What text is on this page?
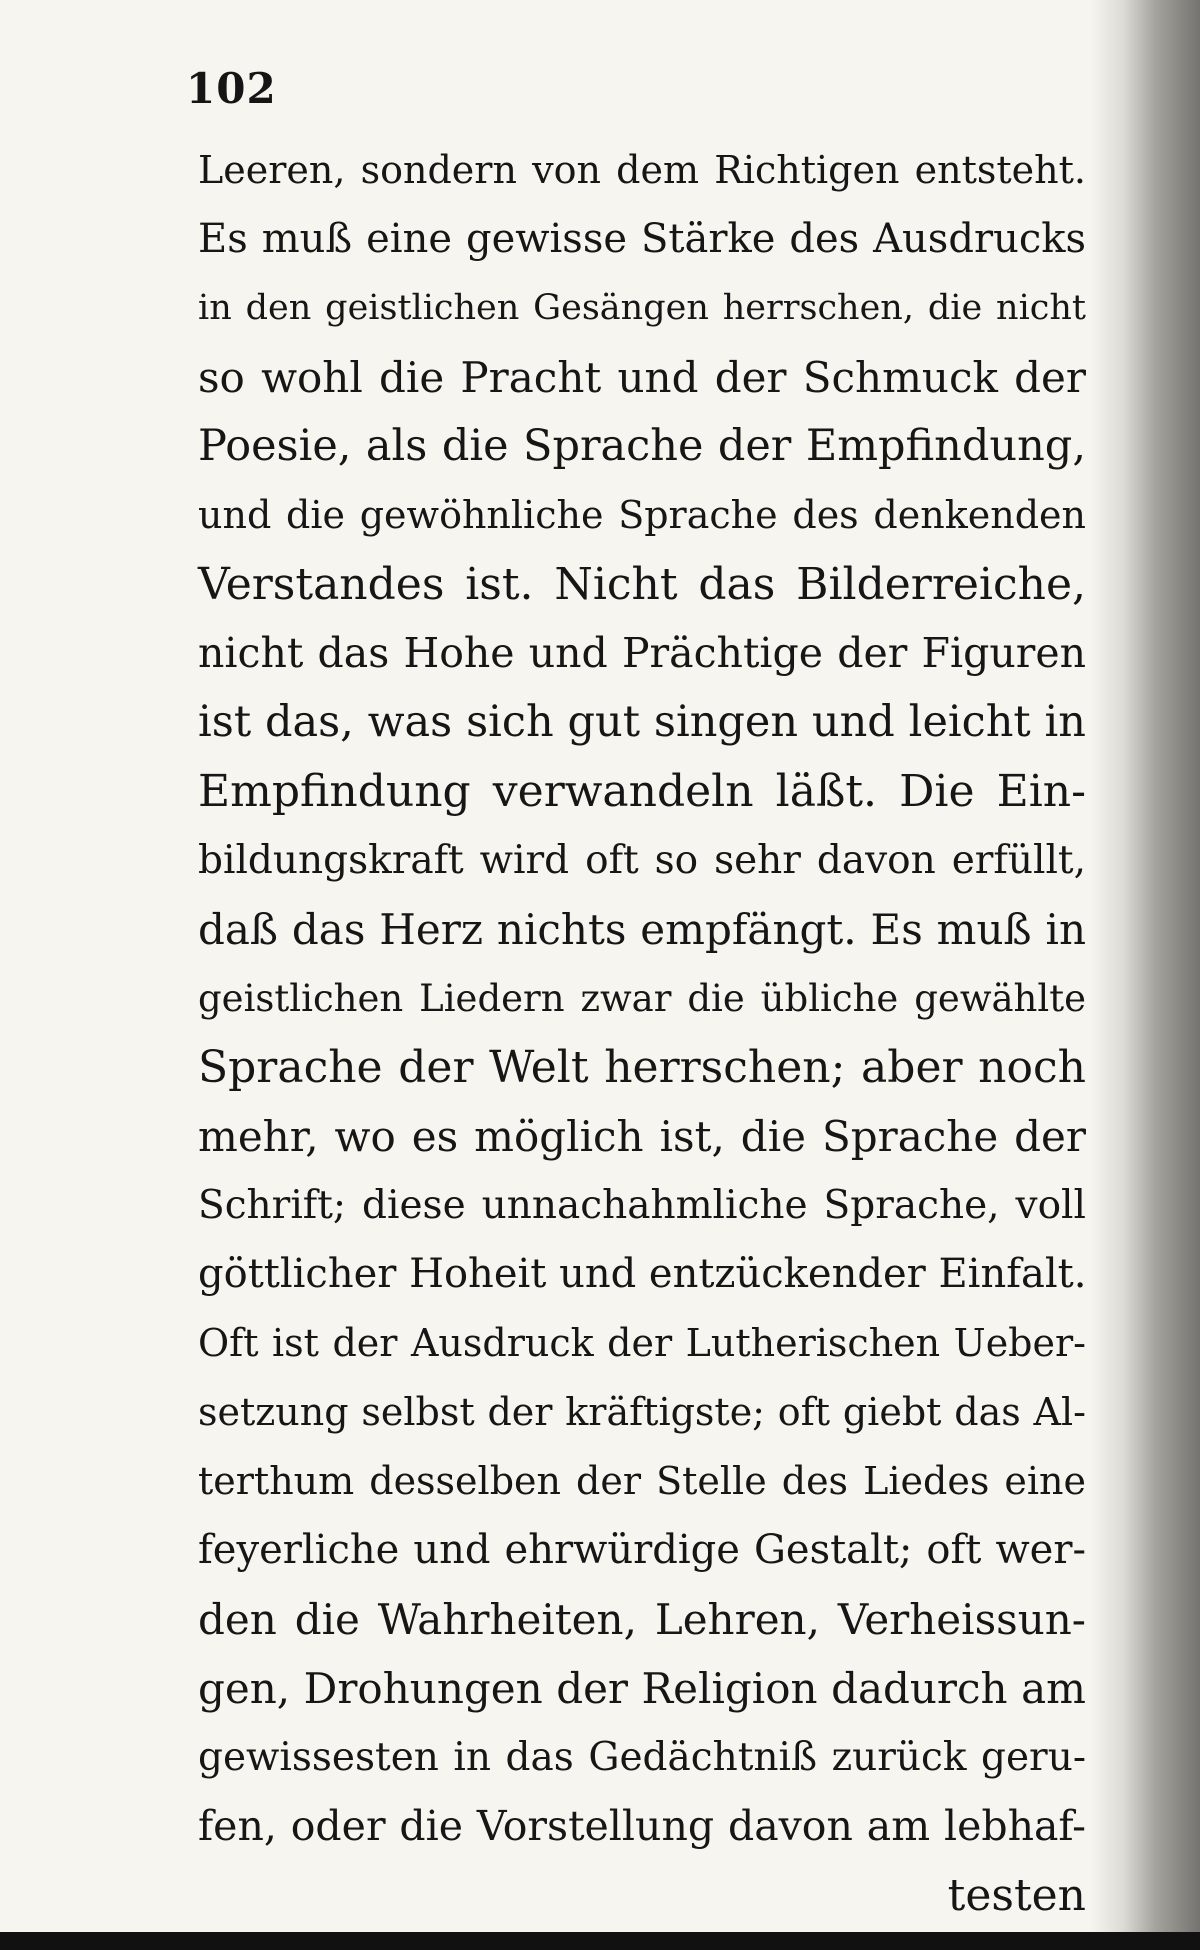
102
Leeren, sondern von dem Richtigen entsteht.
Es muß eine gewisse Stärke des Ausdrucks
in den geistlichen Gesängen herrschen, die nicht
so wohl die Pracht und der Schmuck der
Poesie, als die Sprache der Empfindung,
und die gewöhnliche Sprache des denkenden
Verstandes ist. Nicht das Bilderreiche,
nicht das Hohe und Prächtige der Figuren
ist das, was sich gut singen und leicht in
Empfindung verwandeln läßt. Die Ein-
bildungskraft wird oft so sehr davon erfüllt,
daß das Herz nichts empfängt. Es muß in
geistlichen Liedern zwar die übliche gewählte
Sprache der Welt herrschen; aber noch
mehr, wo es möglich ist, die Sprache der
Schrift; diese unnachahmliche Sprache, voll
göttlicher Hoheit und entzückender Einfalt.
Oft ist der Ausdruck der Lutherischen Ueber-
setzung selbst der kräftigste; oft giebt das Al-
terthum desselben der Stelle des Liedes eine
feyerliche und ehrwürdige Gestalt; oft wer-
den die Wahrheiten, Lehren, Verheissun-
gen, Drohungen der Religion dadurch am
gewissesten in das Gedächtniß zurück geru-
fen, oder die Vorstellung davon am lebhaf-
testen
